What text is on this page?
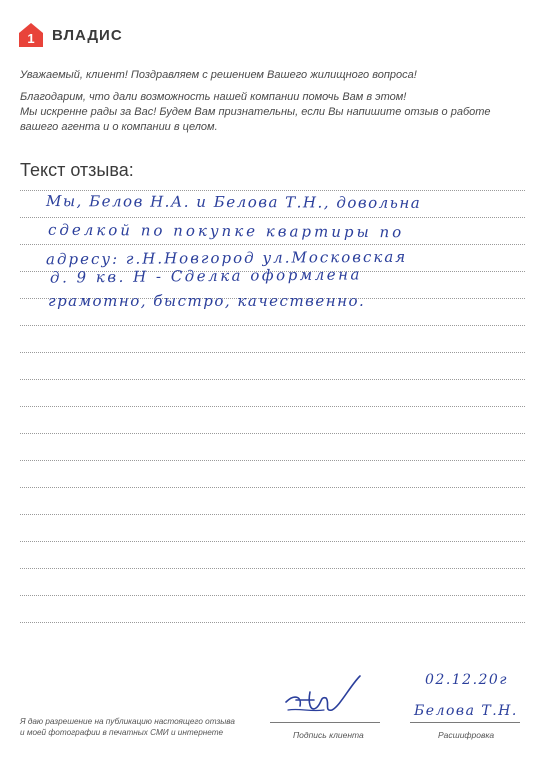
1 ВЛАДИС

Уважаемый, клиент! Поздравляем с решением Вашего жилищного вопроса!

Благодарим, что дали возможность нашей компании помочь Вам в этом!
Мы искренне рады за Вас! Будем Вам признательны, если Вы напишите отзыв о работе
вашего агента и о компании в целом.

Текст отзыва:
Мы, Белов Н.А. и Белова Т.Н., довольна
сделкой по покупке квартиры по
адресу: г.Н.Новгород ул.Московская
д. 9 кв. Н - Сделка оформлена
грамотно, быстро, качественно.
02.12.20г
Белова Т.Н.

Я даю разрешение на публикацию настоящего отзыва

и моей фотографии в печатных СМИ и интернете	Подпись клиента	Расшифровка
